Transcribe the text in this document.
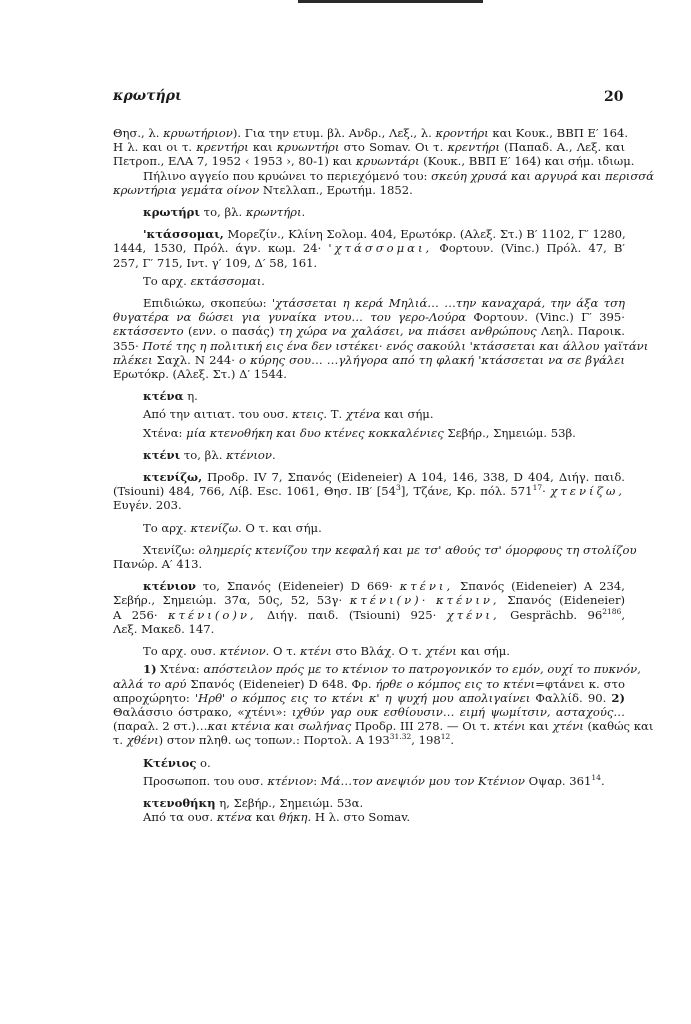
κρωτήρι	20
Θησ., λ. κρυωτήριον). Για την ετυμ. βλ. Ανδρ., Λεξ., λ. κροντήρι και Κουκ., ΒΒΠ Ε′ 164.
Η λ. και οι τ. κρεντήρι και κρυωντήρι στο Somav. Οι τ. κρεντήρι (Παπαδ. Α., Λεξ. και
Πετροπ., ΕΛΑ 7, 1952 ‹ 1953 ›, 80-1) και κρυωντάρι (Κουκ., ΒΒΠ Ε′ 164) και σήμ. ιδιωμ.
Πήλινο αγγείο που κρυώνει το περιεχόμενό του: σκεύη χρυσά και αργυρά και περισσά
κρωντήρια γεμάτα οίνον Ντελλαπ., Ερωτήμ. 1852.
κρωτήρι το, βλ. κρωντήρι.
'κτάσσομαι, Μορεζίν., Κλίνη Σολομ. 404, Ερωτόκρ. (Αλεξ. Στ.) Β′ 1102, Γ′ 1280,
1444, 1530, Πρόλ. άγν. κωμ. 24· 'χτάσσομαι, Φορτουν. (Vinc.) Πρόλ. 47, Β′
257, Γ′ 715, Ιντ. γ′ 109, Δ′ 58, 161.
Το αρχ. εκτάσσομαι.
Επιδιώκω, σκοπεύω: 'χτάσσεται η κερά Μηλιά… …την καναχαρά, την άξα τση
θυγατέρα να δώσει για γυναίκα ντου… του γερο-Λούρα Φορτουν. (Vinc.) Γ′ 395·
εκτάσσεντο (ενν. ο πασάς) τη χώρα να χαλάσει, να πιάσει ανθρώπους Λεηλ. Παροικ.
355· Ποτέ της η πολιτική εις ένα δεν ιστέκει· ενός σακούλι 'κτάσσεται και άλλου γαϊτάνι
πλέκει Σαχλ. Ν 244· ο κύρης σου… …γλήγορα από τη φλακή 'κτάσσεται να σε βγάλει
Ερωτόκρ. (Αλεξ. Στ.) Δ′ 1544.
κτένα η.
Από την αιτιατ. του ουσ. κτεις. Τ. χτένα και σήμ.
Χτένα: μία κτενοθήκη και δυο κτένες κοκκαλένιες Σεβήρ., Σημειώμ. 53β.
κτένι το, βλ. κτένιον.
κτενίζω, Προδρ. IV 7, Σπανός (Eideneier) Α 104, 146, 338, D 404, Διήγ. παιδ.
(Tsiouni) 484, 766, Λίβ. Esc. 1061, Θησ. ΙΒ′ $[54^3]$, Τζάνε, Κρ. πόλ. $571^{17}\cdot \chi\tau\varepsilon\nu ί\zeta\omega$,
Ευγέν. 203.
Το αρχ. κτενίζω. Ο τ. και σήμ.
Χτενίζω: ολημερίς κτενίζου την κεφαλή και με τσ' αθούς τσ' όμορφους τη στολίζου
Πανώρ. Α′ 413.
κτένιον το, Σπανός (Eideneier) D 669· κτένι, Σπανός (Eideneier) Α 234,
Σεβήρ., Σημειώμ. 37α, 50ς, 52, 53γ· κτένι(ν)· κτένιν, Σπανός (Eideneier)
Α 256· κτένι(ο)ν, Διήγ. παιδ. (Tsiouni) 925· χτένι, Gesprächb. $96^{2186}$,
Λεξ. Μακεδ. 147.
Το αρχ. ουσ. κτένιον. Ο τ. κτένι στο Βλάχ. Ο τ. χτένι και σήμ.
1) Χτένα: απόστειλον πρός με το κτένιον το πατρογονικόν το εμόν, ουχί το πυκνόν,
αλλά το αρύ Σπανός (Eideneier) D 648. Φρ. ήρθε ο κόμπος εις το κτένι=φτάνει κ. στο
απροχώρητο: 'Ηρθ' ο κόμπος εις το κτένι κ' η ψυχή μου απολιγαίνει Φαλλίδ. 90. 2)
Θαλάσσιο όστρακο, «χτένι»: ιχθύν γαρ ουκ εσθίουσιν… ειμή ψωμίτσιν, ασταχούς…
(παραλ. 2 στ.)…και κτένια και σωλήνας Προδρ. ΙΙΙ 278. — Οι τ. κτένι και χτένι (καθώς και
τ. χθένι) στον πληθ. ως τοπων.: Πορτολ. Α $193^{31.32}$, $198^{12}$.
Κτένιος ο.
Προσωποπ. του ουσ. κτένιον: Μά…τον ανεψιόν μου τον Κτένιον Οψαρ. $361^{14}$.
κτενοθήκη η, Σεβήρ., Σημειώμ. 53α.
Από τα ουσ. κτένα και θήκη. Η λ. στο Somav.
